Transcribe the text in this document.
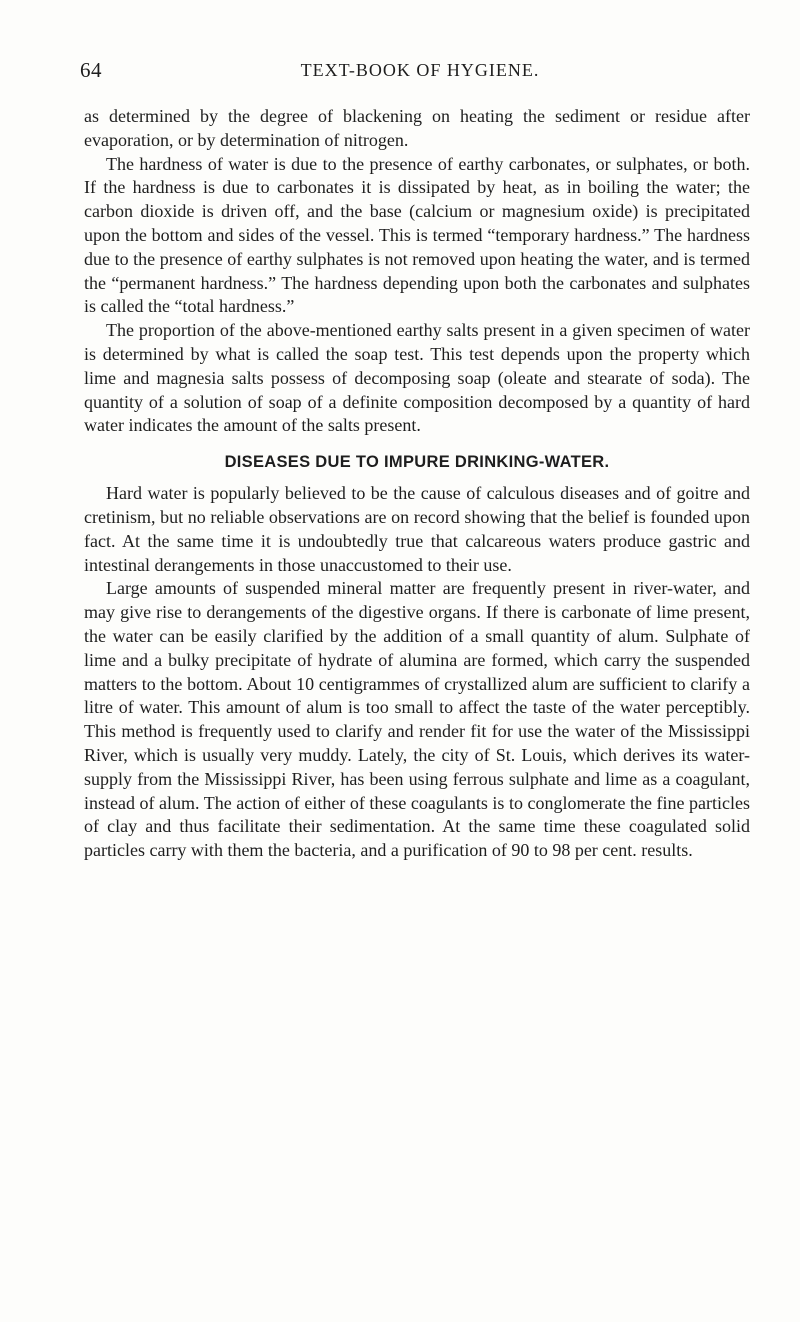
64	TEXT-BOOK OF HYGIENE.

as determined by the degree of blackening on heating the sediment or residue after evaporation, or by determination of nitrogen.

The hardness of water is due to the presence of earthy carbonates, or sulphates, or both. If the hardness is due to carbonates it is dissipated by heat, as in boiling the water; the carbon dioxide is driven off, and the base (calcium or magnesium oxide) is precipitated upon the bottom and sides of the vessel. This is termed “temporary hardness.” The hardness due to the presence of earthy sulphates is not removed upon heating the water, and is termed the “permanent hardness.” The hardness depending upon both the carbonates and sulphates is called the “total hardness.”

The proportion of the above-mentioned earthy salts present in a given specimen of water is determined by what is called the soap test. This test depends upon the property which lime and magnesia salts possess of decomposing soap (oleate and stearate of soda). The quantity of a solution of soap of a definite composition decomposed by a quantity of hard water indicates the amount of the salts present.

DISEASES DUE TO IMPURE DRINKING-WATER.

Hard water is popularly believed to be the cause of calculous diseases and of goitre and cretinism, but no reliable observations are on record showing that the belief is founded upon fact. At the same time it is undoubtedly true that calcareous waters produce gastric and intestinal derangements in those unaccustomed to their use.

Large amounts of suspended mineral matter are frequently present in river-water, and may give rise to derangements of the digestive organs. If there is carbonate of lime present, the water can be easily clarified by the addition of a small quantity of alum. Sulphate of lime and a bulky precipitate of hydrate of alumina are formed, which carry the suspended matters to the bottom. About 10 centigrammes of crystallized alum are sufficient to clarify a litre of water. This amount of alum is too small to affect the taste of the water perceptibly. This method is frequently used to clarify and render fit for use the water of the Mississippi River, which is usually very muddy. Lately, the city of St. Louis, which derives its water-supply from the Mississippi River, has been using ferrous sulphate and lime as a coagulant, instead of alum. The action of either of these coagulants is to conglomerate the fine particles of clay and thus facilitate their sedimentation. At the same time these coagulated solid particles carry with them the bacteria, and a purification of 90 to 98 per cent. results.
